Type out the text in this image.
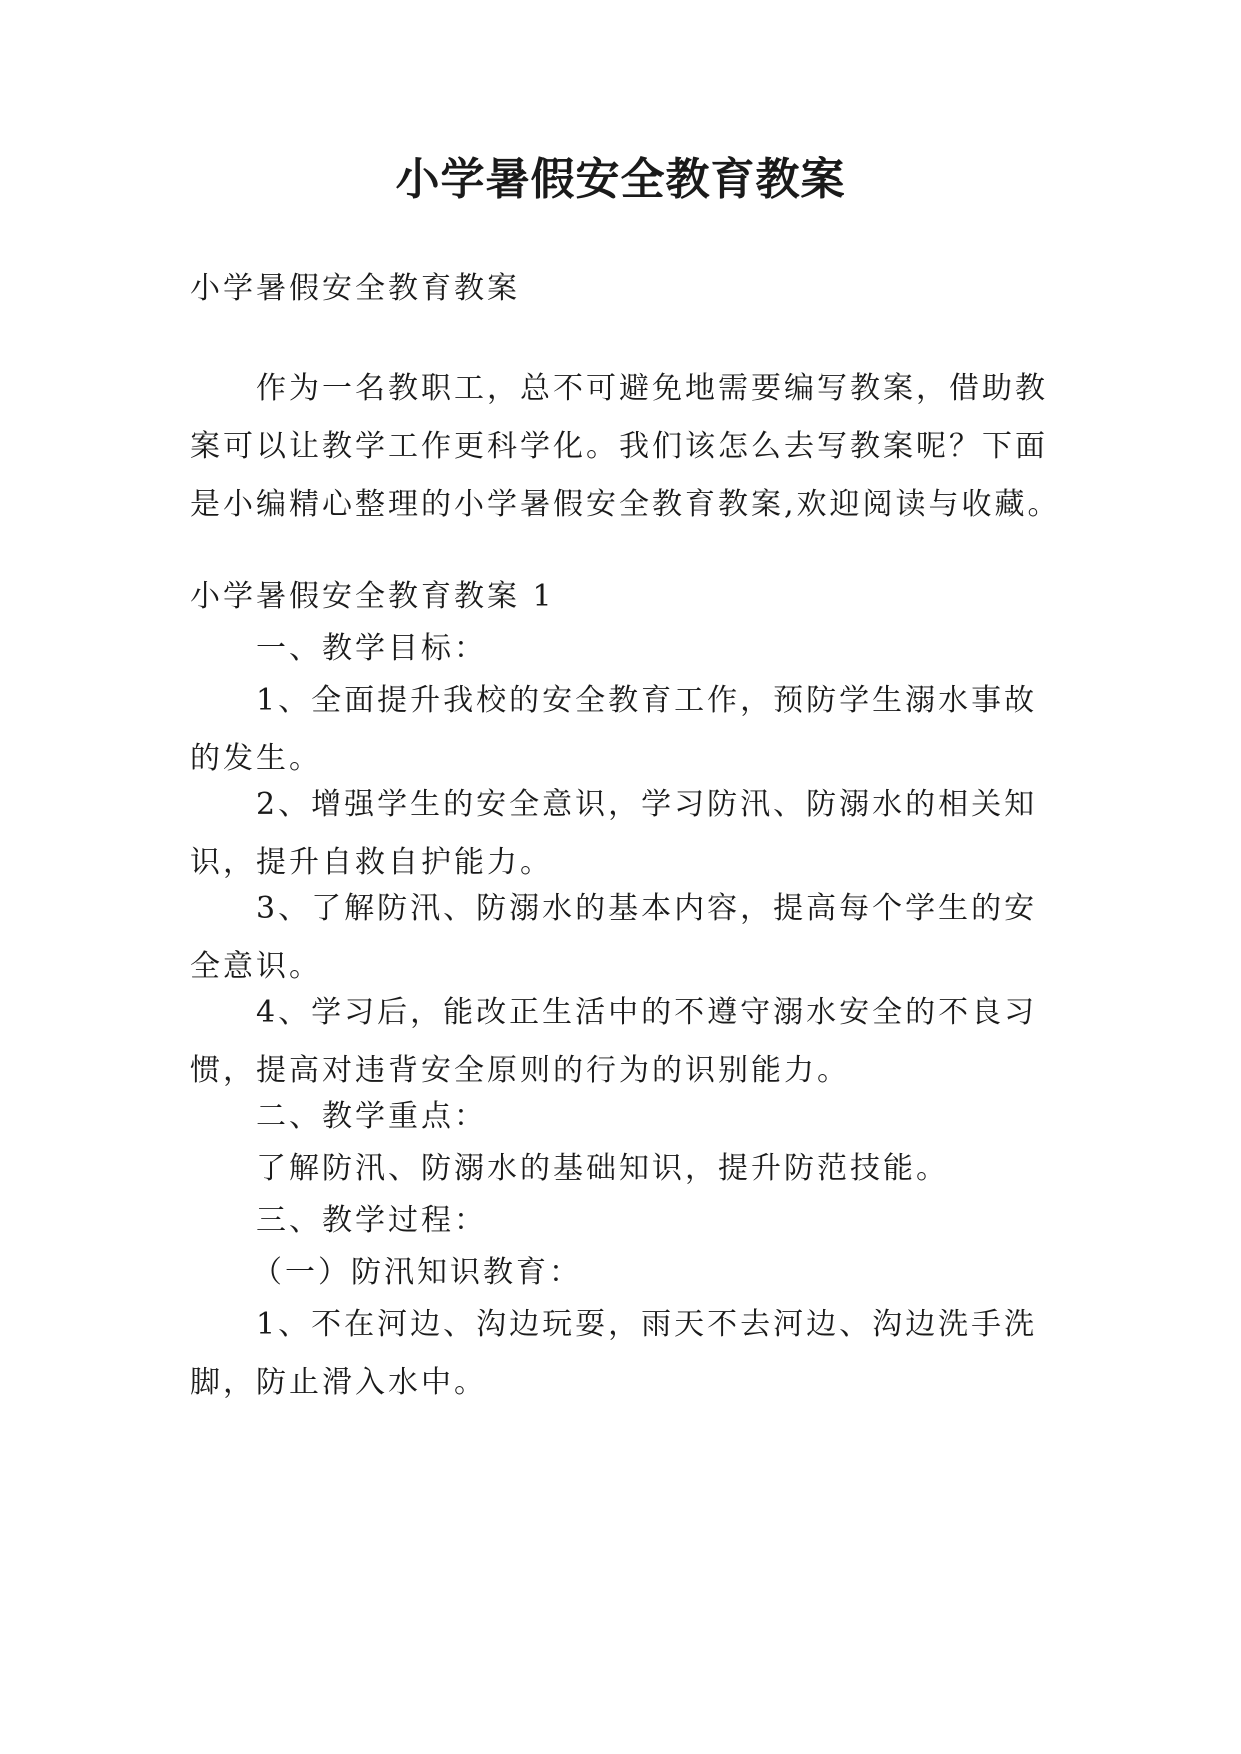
小学暑假安全教育教案

小学暑假安全教育教案

作为一名教职工，总不可避免地需要编写教案，借助教
案可以让教学工作更科学化。我们该怎么去写教案呢？下面
是小编精心整理的小学暑假安全教育教案,欢迎阅读与收藏。

小学暑假安全教育教案 1

一、教学目标：

1、全面提升我校的安全教育工作，预防学生溺水事故
的发生。
2、增强学生的安全意识，学习防汛、防溺水的相关知
识，提升自救自护能力。
3、了解防汛、防溺水的基本内容，提高每个学生的安
全意识。
4、学习后，能改正生活中的不遵守溺水安全的不良习
惯，提高对违背安全原则的行为的识别能力。

二、教学重点：

了解防汛、防溺水的基础知识，提升防范技能。

三、教学过程：

（一）防汛知识教育：

1、不在河边、沟边玩耍，雨天不去河边、沟边洗手洗
脚，防止滑入水中。
